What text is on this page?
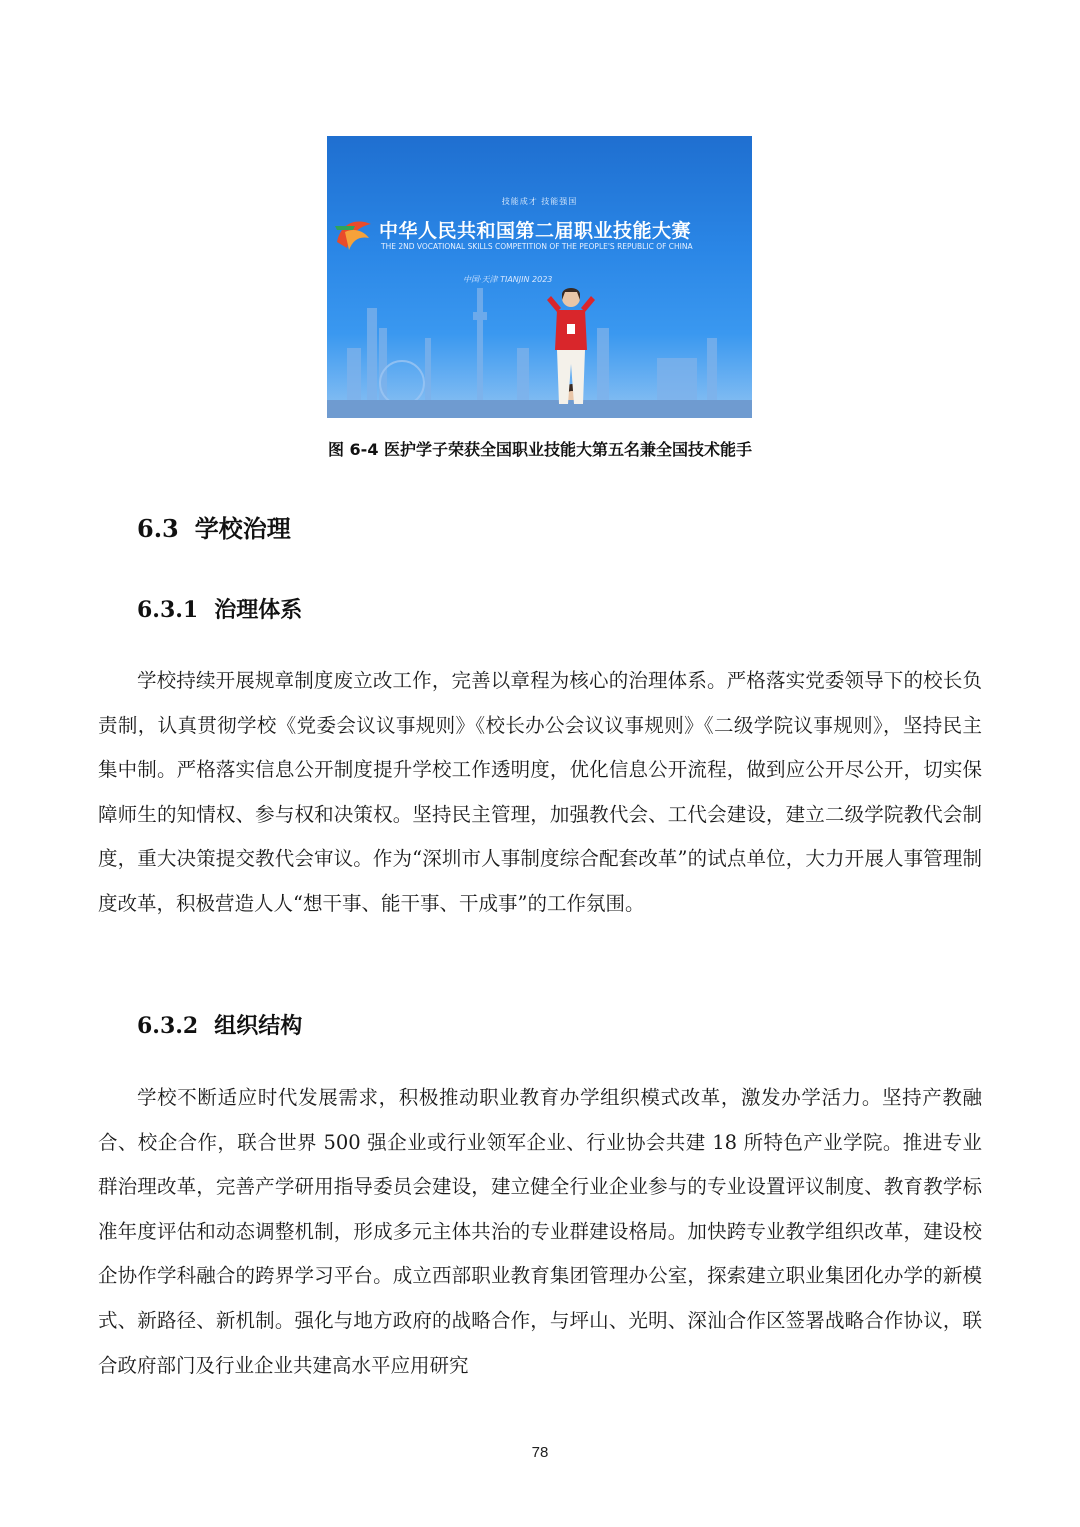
技能成才 技能强国
中华人民共和国第二届职业技能大赛
THE 2ND VOCATIONAL SKILLS COMPETITION OF THE PEOPLE'S REPUBLIC OF CHINA
中国·天津 TIANJIN 2023
图 6-4 医护学子荣获全国职业技能大第五名兼全国技术能手
6.3 学校治理
6.3.1 治理体系

学校持续开展规章制度废立改工作，完善以章程为核心的治理体系。严格落实党委领导下的校长负责制，认真贯彻学校《党委会议议事规则》《校长办公会议议事规则》《二级学院议事规则》，坚持民主集中制。严格落实信息公开制度提升学校工作透明度，优化信息公开流程，做到应公开尽公开，切实保障师生的知情权、参与权和决策权。坚持民主管理，加强教代会、工代会建设，建立二级学院教代会制度，重大决策提交教代会审议。作为“深圳市人事制度综合配套改革”的试点单位，大力开展人事管理制度改革，积极营造人人“想干事、能干事、干成事”的工作氛围。

6.3.2 组织结构

学校不断适应时代发展需求，积极推动职业教育办学组织模式改革，激发办学活力。坚持产教融合、校企合作，联合世界 500 强企业或行业领军企业、行业协会共建 18 所特色产业学院。推进专业群治理改革，完善产学研用指导委员会建设，建立健全行业企业参与的专业设置评议制度、教育教学标准年度评估和动态调整机制，形成多元主体共治的专业群建设格局。加快跨专业教学组织改革，建设校企协作学科融合的跨界学习平台。成立西部职业教育集团管理办公室，探索建立职业集团化办学的新模式、新路径、新机制。强化与地方政府的战略合作，与坪山、光明、深汕合作区签署战略合作协议，联合政府部门及行业企业共建高水平应用研究

78
